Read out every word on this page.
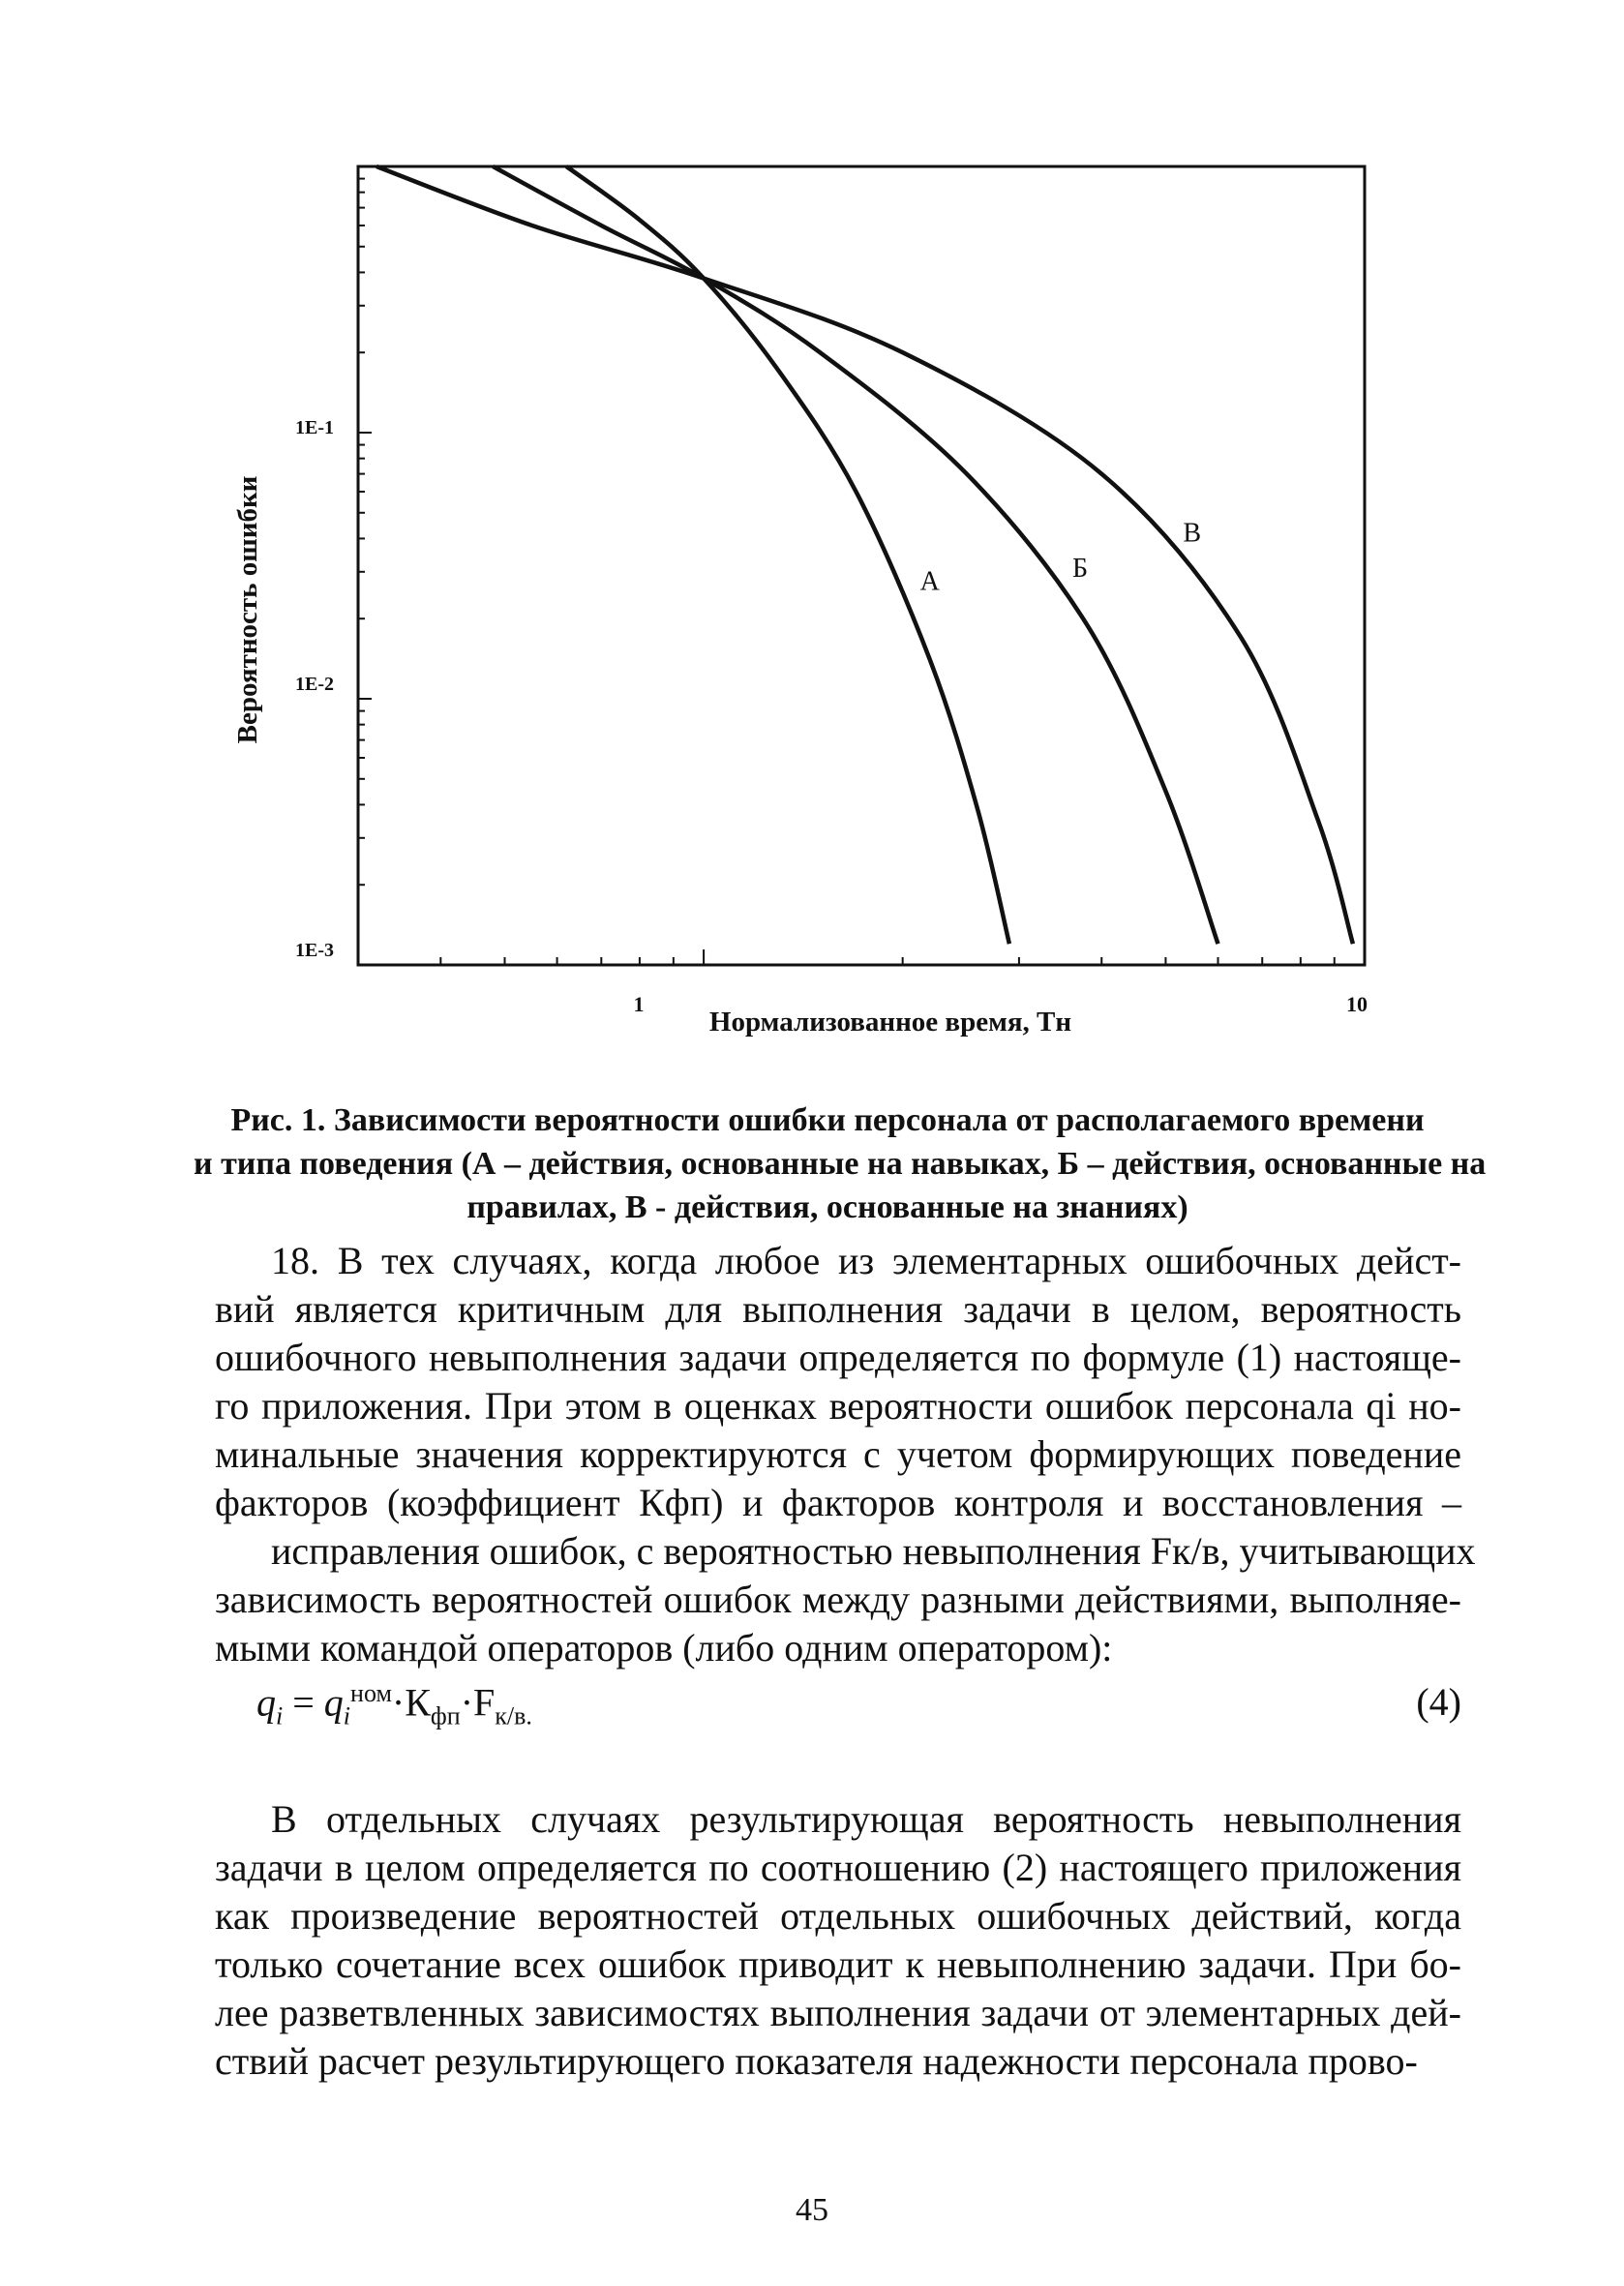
А	Б
В
1E-1
1E-2
1E-3
1	10
Вероятность ошибки
Нормализованное время, Тн
Рис. 1. Зависимости вероятности ошибки персонала от располагаемого времени
и типа поведения (А – действия, основанные на навыках, Б – действия, основанные на
правилах, В - действия, основанные на знаниях)
18. В тех случаях, когда любое из элементарных ошибочных дейст-
вий является критичным для выполнения задачи в целом, вероятность
ошибочного невыполнения задачи определяется по формуле (1) настояще-
го приложения. При этом в оценках вероятности ошибок персонала qi но-
минальные значения корректируются с учетом формирующих поведение
факторов (коэффициент Кфп) и факторов контроля и восстановления –
исправления ошибок, с вероятностью невыполнения Fк/в, учитывающих
зависимость вероятностей ошибок между разными действиями, выполняе-
мыми командой операторов (либо одним оператором):
$q_i = q_i^{ном}\cdot К_{фп}\cdot F_{к/в.}$	(4)
В отдельных случаях результирующая вероятность невыполнения
задачи в целом определяется по соотношению (2) настоящего приложения
как произведение вероятностей отдельных ошибочных действий, когда
только сочетание всех ошибок приводит к невыполнению задачи. При бо-
лее разветвленных зависимостях выполнения задачи от элементарных дей-
ствий расчет результирующего показателя надежности персонала прово-
45
